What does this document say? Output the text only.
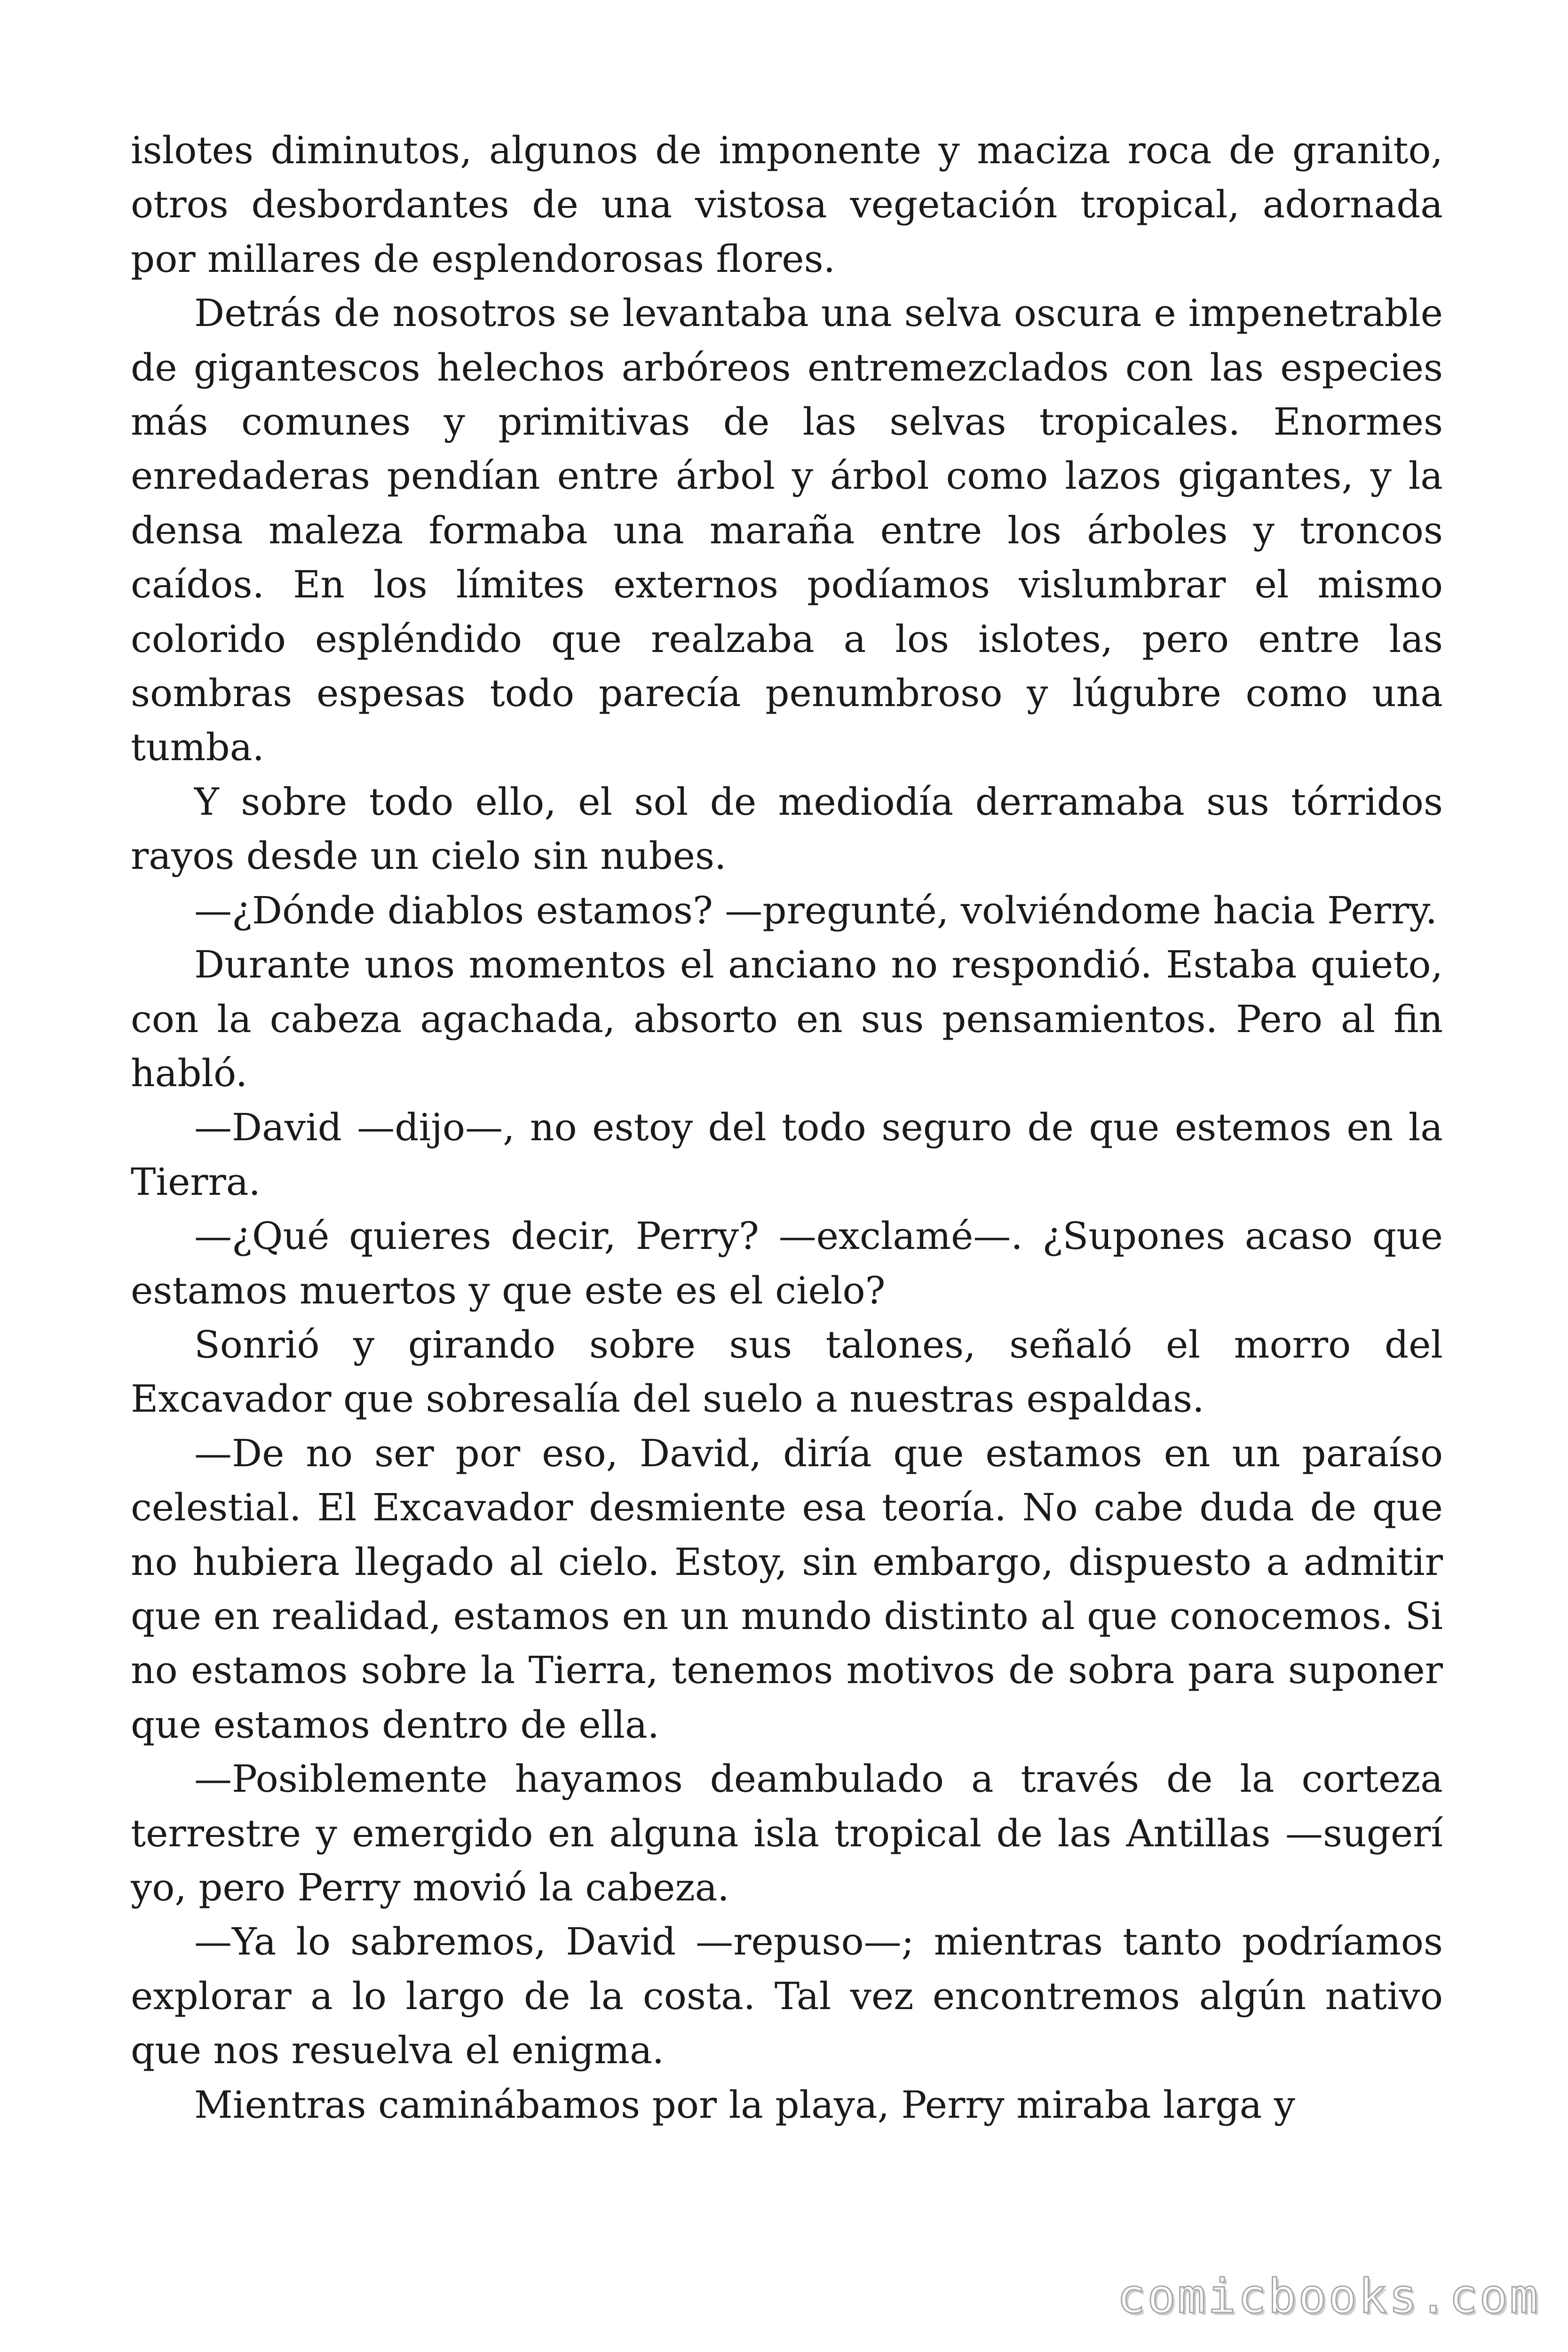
islotes diminutos, algunos de imponente y maciza roca de granito, otros desbordantes de una vistosa vegetación tropical, adornada por millares de esplendorosas flores.

Detrás de nosotros se levantaba una selva oscura e impenetrable de gigantescos helechos arbóreos entremezclados con las especies más comunes y primitivas de las selvas tropicales. Enormes enredaderas pendían entre árbol y árbol como lazos gigantes, y la densa maleza formaba una maraña entre los árboles y troncos caídos. En los límites externos podíamos vislumbrar el mismo colorido espléndido que realzaba a los islotes, pero entre las sombras espesas todo parecía penumbroso y lúgubre como una tumba.

Y sobre todo ello, el sol de mediodía derramaba sus tórridos rayos desde un cielo sin nubes.

—¿Dónde diablos estamos? —pregunté, volviéndome hacia Perry.

Durante unos momentos el anciano no respondió. Estaba quieto, con la cabeza agachada, absorto en sus pensamientos. Pero al fin habló.

—David —dijo—, no estoy del todo seguro de que estemos en la Tierra.

—¿Qué quieres decir, Perry? —exclamé—. ¿Supones acaso que estamos muertos y que este es el cielo?

Sonrió y girando sobre sus talones, señaló el morro del Excavador que sobresalía del suelo a nuestras espaldas.

—De no ser por eso, David, diría que estamos en un paraíso celestial. El Excavador desmiente esa teoría. No cabe duda de que no hubiera llegado al cielo. Estoy, sin embargo, dispuesto a admitir que en realidad, estamos en un mundo distinto al que conocemos. Si no estamos sobre la Tierra, tenemos motivos de sobra para suponer que estamos dentro de ella.

—Posiblemente hayamos deambulado a través de la corteza terrestre y emergido en alguna isla tropical de las Antillas —sugerí yo, pero Perry movió la cabeza.

—Ya lo sabremos, David —repuso—; mientras tanto podríamos explorar a lo largo de la costa. Tal vez encontremos algún nativo que nos resuelva el enigma.

Mientras caminábamos por la playa, Perry miraba larga y

comicbooks.com
